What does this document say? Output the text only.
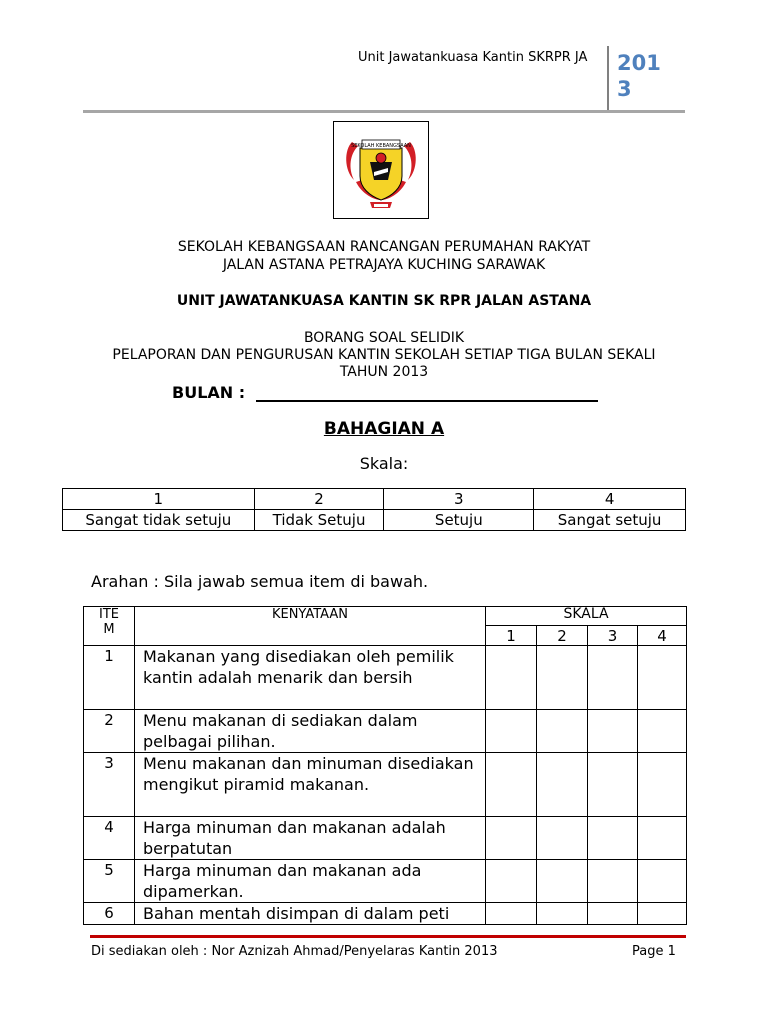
Unit Jawatankuasa Kantin SKRPR JA 201
3
SEKOLAH KEBANGSAAN
SEKOLAH KEBANGSAAN RANCANGAN PERUMAHAN RAKYAT
JALAN ASTANA PETRAJAYA KUCHING SARAWAK
UNIT JAWATANKUASA KANTIN SK RPR JALAN ASTANA
BORANG SOAL SELIDIK
PELAPORAN DAN PENGURUSAN KANTIN SEKOLAH SETIAP TIGA BULAN SEKALI
TAHUN 2013
BULAN :
BAHAGIAN A
Skala:
1	2	3	4
Sangat tidak setuju	Tidak Setuju	Setuju	Sangat setuju
Arahan : Sila jawab semua item di bawah.
ITE
M	KENYATAAN	SKALA			
		1	2	3	4
1	Makanan yang disediakan oleh pemilik kantin adalah menarik dan bersih				
2	Menu makanan di sediakan dalam pelbagai pilihan.				
3	Menu makanan dan minuman disediakan mengikut piramid makanan.				
4	Harga minuman dan makanan adalah berpatutan				
5	Harga minuman dan makanan ada dipamerkan.				
6	Bahan mentah disimpan di dalam peti				
Di sediakan oleh : Nor Aznizah Ahmad/Penyelaras Kantin 2013	Page 1
